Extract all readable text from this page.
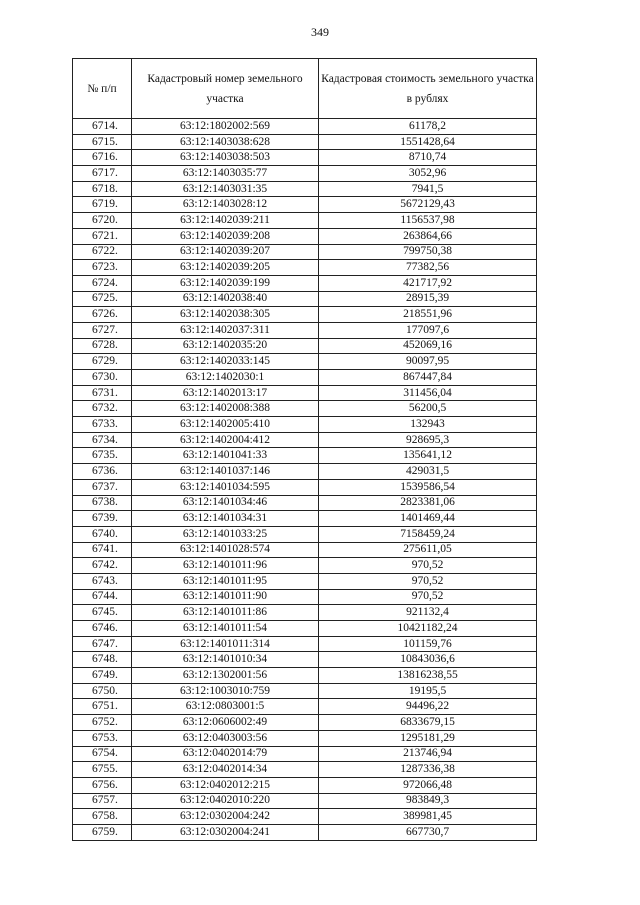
349
№ п/п	Кадастровый номер земельного участка	Кадастровая стоимость земельного участка в рублях
6714.	63:12:1802002:569	61178,2
6715.	63:12:1403038:628	1551428,64
6716.	63:12:1403038:503	8710,74
6717.	63:12:1403035:77	3052,96
6718.	63:12:1403031:35	7941,5
6719.	63:12:1403028:12	5672129,43
6720.	63:12:1402039:211	1156537,98
6721.	63:12:1402039:208	263864,66
6722.	63:12:1402039:207	799750,38
6723.	63:12:1402039:205	77382,56
6724.	63:12:1402039:199	421717,92
6725.	63:12:1402038:40	28915,39
6726.	63:12:1402038:305	218551,96
6727.	63:12:1402037:311	177097,6
6728.	63:12:1402035:20	452069,16
6729.	63:12:1402033:145	90097,95
6730.	63:12:1402030:1	867447,84
6731.	63:12:1402013:17	311456,04
6732.	63:12:1402008:388	56200,5
6733.	63:12:1402005:410	132943
6734.	63:12:1402004:412	928695,3
6735.	63:12:1401041:33	135641,12
6736.	63:12:1401037:146	429031,5
6737.	63:12:1401034:595	1539586,54
6738.	63:12:1401034:46	2823381,06
6739.	63:12:1401034:31	1401469,44
6740.	63:12:1401033:25	7158459,24
6741.	63:12:1401028:574	275611,05
6742.	63:12:1401011:96	970,52
6743.	63:12:1401011:95	970,52
6744.	63:12:1401011:90	970,52
6745.	63:12:1401011:86	921132,4
6746.	63:12:1401011:54	10421182,24
6747.	63:12:1401011:314	101159,76
6748.	63:12:1401010:34	10843036,6
6749.	63:12:1302001:56	13816238,55
6750.	63:12:1003010:759	19195,5
6751.	63:12:0803001:5	94496,22
6752.	63:12:0606002:49	6833679,15
6753.	63:12:0403003:56	1295181,29
6754.	63:12:0402014:79	213746,94
6755.	63:12:0402014:34	1287336,38
6756.	63:12:0402012:215	972066,48
6757.	63:12:0402010:220	983849,3
6758.	63:12:0302004:242	389981,45
6759.	63:12:0302004:241	667730,7
